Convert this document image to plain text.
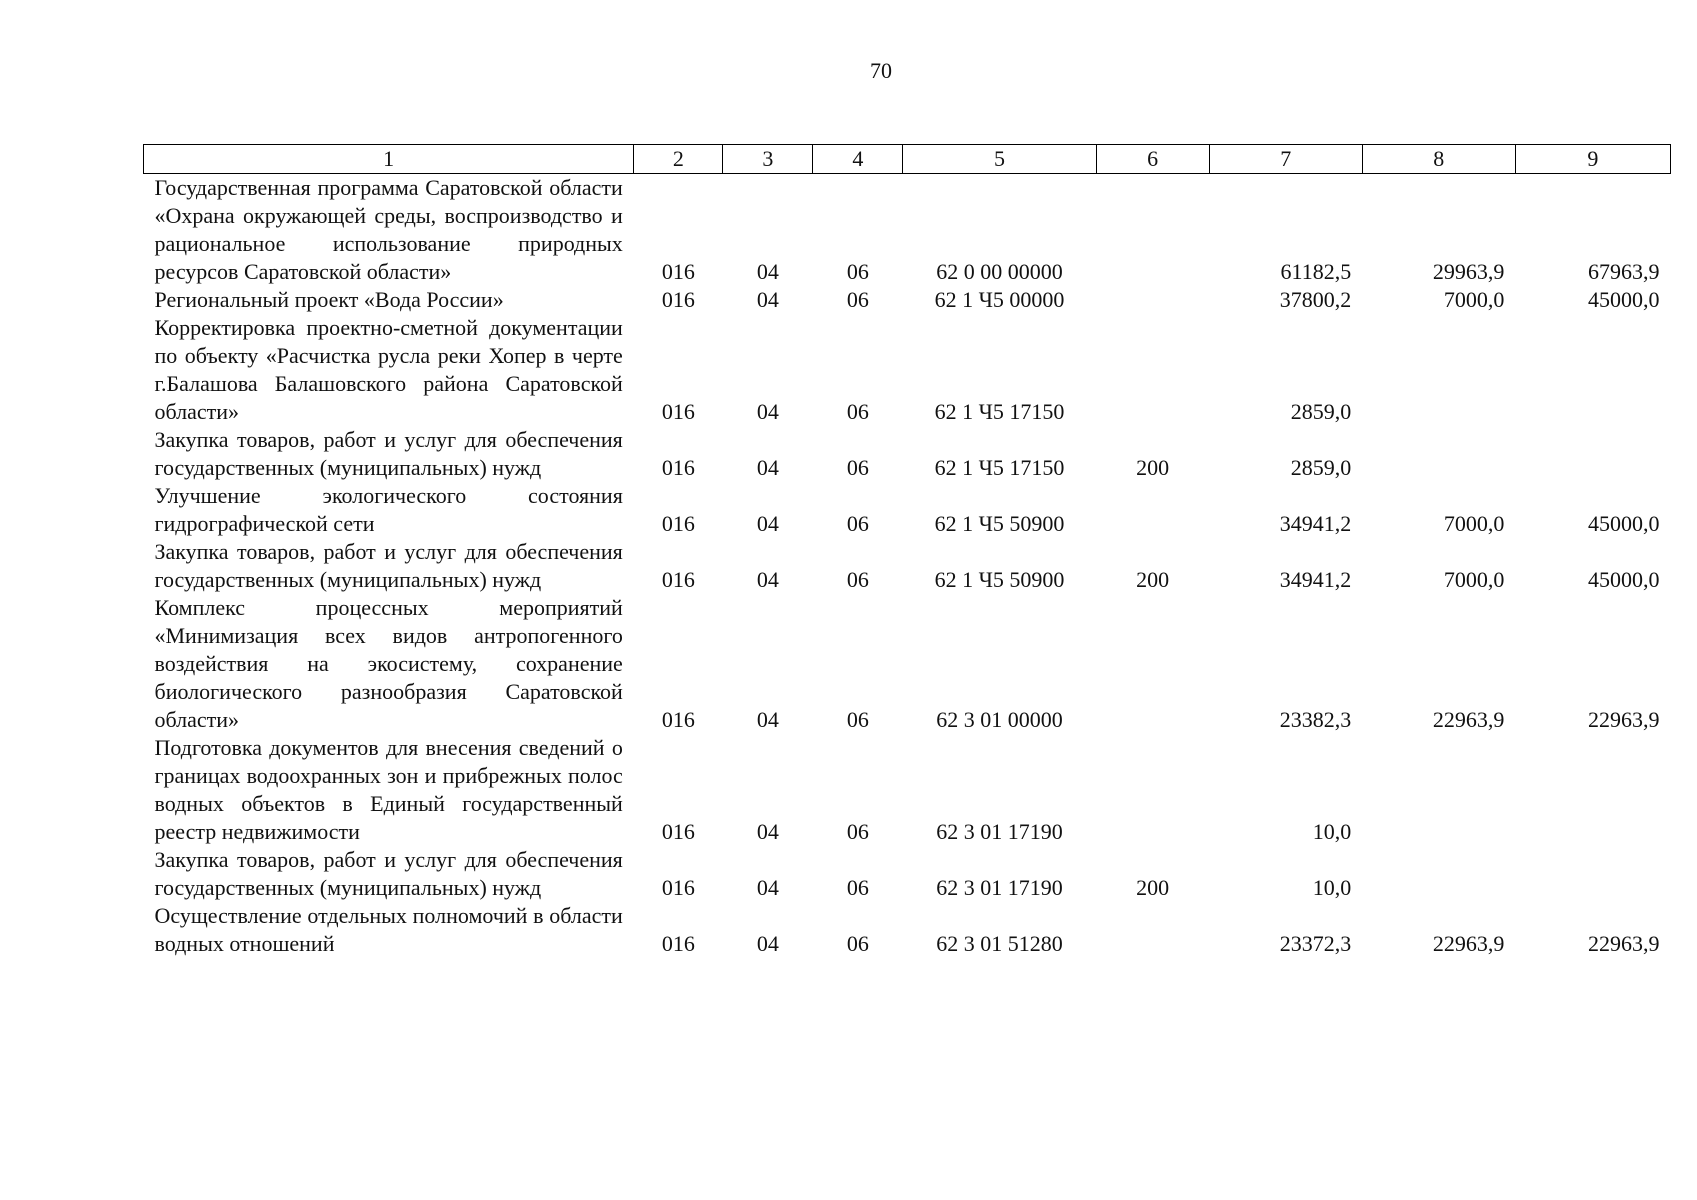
70
1	2	3	4	5	6	7	8	9
Государственная программа Саратовской области «Охрана окружающей среды, воспроизводство и рациональное использование природных ресурсов Саратовской области»	016	04	06	62 0 00 00000		61182,5	29963,9	67963,9
Региональный проект «Вода России»	016	04	06	62 1 Ч5 00000		37800,2	7000,0	45000,0
Корректировка проектно-сметной документации по объекту «Расчистка русла реки Хопер в черте г.Балашова Балашовского района Саратовской области»	016	04	06	62 1 Ч5 17150		2859,0		
Закупка товаров, работ и услуг для обеспечения государственных (муниципальных) нужд	016	04	06	62 1 Ч5 17150	200	2859,0		
Улучшение экологического состояния гидрографической сети	016	04	06	62 1 Ч5 50900		34941,2	7000,0	45000,0
Закупка товаров, работ и услуг для обеспечения государственных (муниципальных) нужд	016	04	06	62 1 Ч5 50900	200	34941,2	7000,0	45000,0
Комплекс процессных мероприятий «Минимизация всех видов антропогенного воздействия на экосистему, сохранение биологического разнообразия Саратовской области»	016	04	06	62 3 01 00000		23382,3	22963,9	22963,9
Подготовка документов для внесения сведений о границах водоохранных зон и прибрежных полос водных объектов в Единый государственный реестр недвижимости	016	04	06	62 3 01 17190		10,0		
Закупка товаров, работ и услуг для обеспечения государственных (муниципальных) нужд	016	04	06	62 3 01 17190	200	10,0		
Осуществление отдельных полномочий в области водных отношений	016	04	06	62 3 01 51280		23372,3	22963,9	22963,9
